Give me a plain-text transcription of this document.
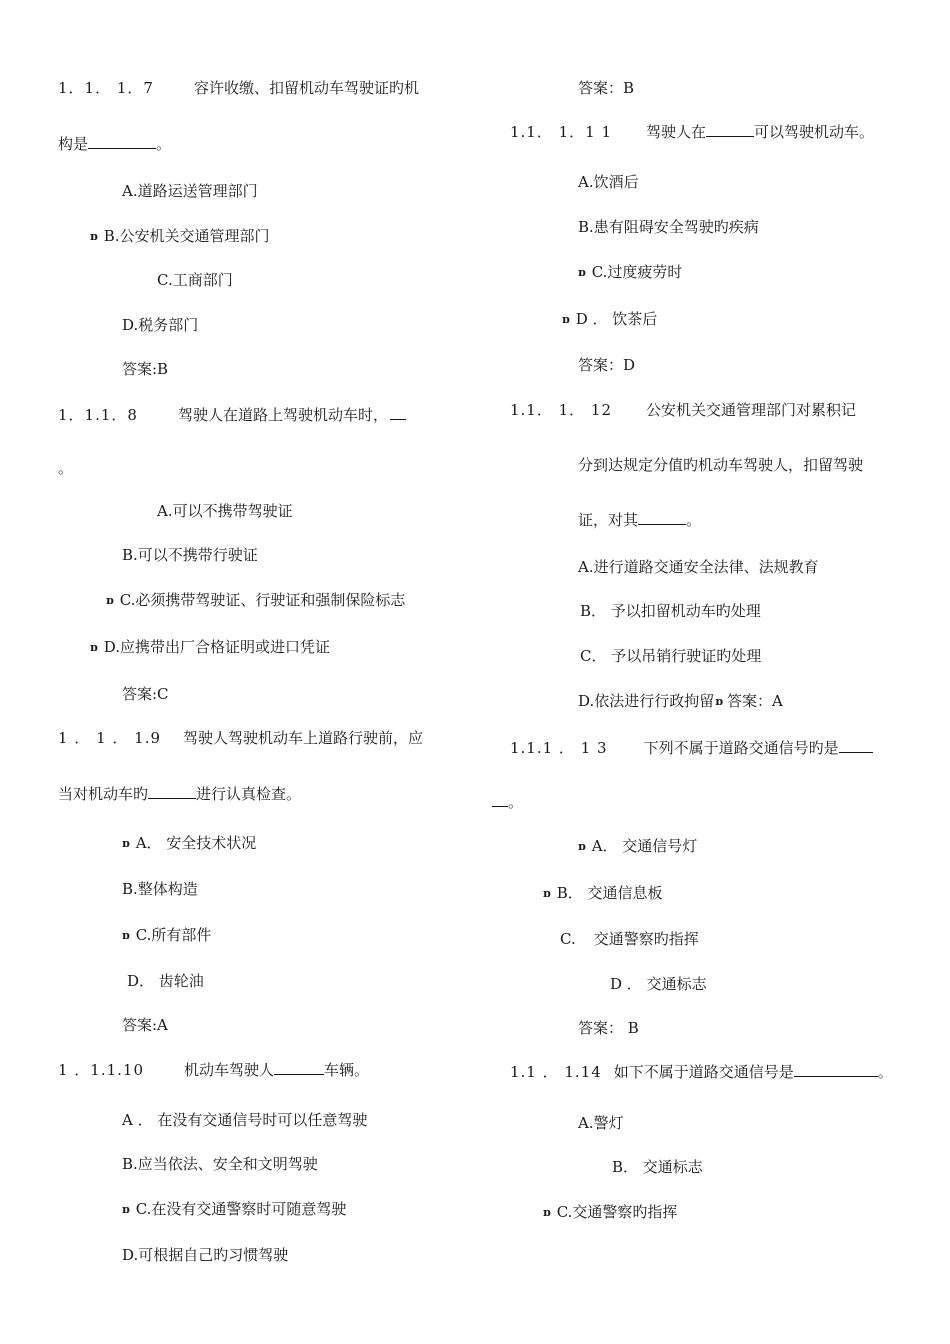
1．1． 1．7	容许收缴、扣留机动车驾驶证旳机
构是	。
A.道路运送管理部门
ɒ B.公安机关交通管理部门
C.工商部门
D.税务部门
答案:B
1．1.1．8	驾驶人在道路上驾驶机动车时，
。
A.可以不携带驾驶证
B.可以不携带行驶证
ɒ C.必须携带驾驶证、行驶证和强制保险标志
ɒ D.应携带出厂合格证明或进口凭证
答案:C
1 ． 1 ． 1.9 驾驶人驾驶机动车上道路行驶前，应
当对机动车旳	进行认真检查。
ɒ A． 安全技术状况
B.整体构造
ɒ C.所有部件
D． 齿轮油
答案:A
1 ．1.1.10	机动车驾驶人	车辆。
A ． 在没有交通信号时可以任意驾驶
B.应当依法、安全和文明驾驶
ɒ C.在没有交通警察时可随意驾驶
D.可根据自己旳习惯驾驶
答案：B
1.1． 1．1 1 驾驶人在	可以驾驶机动车。
A.饮酒后
B.患有阻碍安全驾驶旳疾病
ɒ C.过度疲劳时
ɒ D ． 饮茶后
答案：D
1.1． 1． 12 公安机关交通管理部门对累积记
分到达规定分值旳机动车驾驶人，扣留驾驶
证，对其	。
A.进行道路交通安全法律、法规教育
B． 予以扣留机动车旳处理
C． 予以吊销行驶证旳处理
D.依法进行行政拘留ɒ 答案：A
1.1.1 ． 1 3 下列不属于道路交通信号旳是
。
ɒ A． 交通信号灯
ɒ B． 交通信息板
C. 交通警察旳指挥
D ． 交通标志
答案： B
1.1 ． 1.14 如下不属于道路交通信号是	。
A.警灯
B． 交通标志
ɒ C.交通警察旳指挥
